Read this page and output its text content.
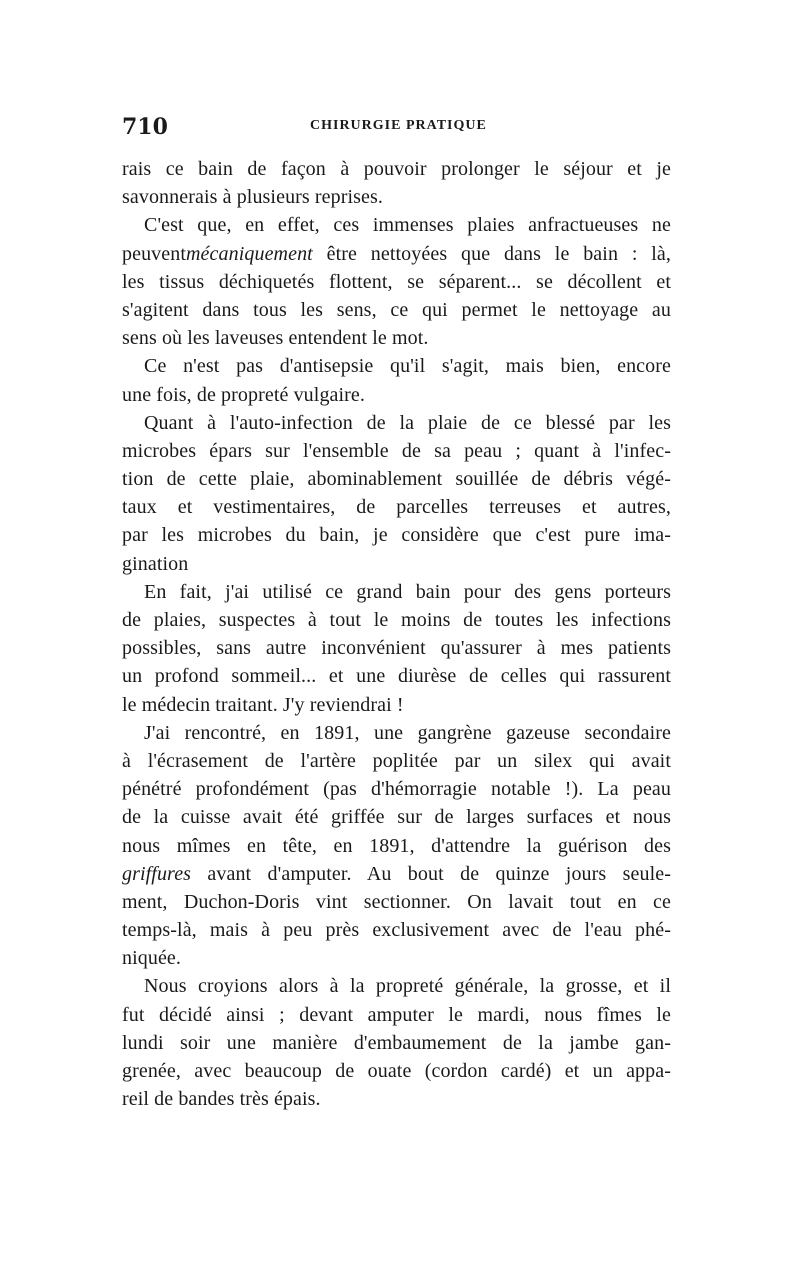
710	CHIRURGIE PRATIQUE
rais ce bain de façon à pouvoir prolonger le séjour et je
savonnerais à plusieurs reprises.
C'est que, en effet, ces immenses plaies anfractueuses ne
peuventmécaniquement être nettoyées que dans le bain : là,
les tissus déchiquetés flottent, se séparent... se décollent et
s'agitent dans tous les sens, ce qui permet le nettoyage au
sens où les laveuses entendent le mot.
Ce n'est pas d'antisepsie qu'il s'agit, mais bien, encore
une fois, de propreté vulgaire.
Quant à l'auto-infection de la plaie de ce blessé par les
microbes épars sur l'ensemble de sa peau ; quant à l'infec-
tion de cette plaie, abominablement souillée de débris végé-
taux et vestimentaires, de parcelles terreuses et autres,
par les microbes du bain, je considère que c'est pure ima-
gination
En fait, j'ai utilisé ce grand bain pour des gens porteurs
de plaies, suspectes à tout le moins de toutes les infections
possibles, sans autre inconvénient qu'assurer à mes patients
un profond sommeil... et une diurèse de celles qui rassurent
le médecin traitant. J'y reviendrai !
J'ai rencontré, en 1891, une gangrène gazeuse secondaire
à l'écrasement de l'artère poplitée par un silex qui avait
pénétré profondément (pas d'hémorragie notable !). La peau
de la cuisse avait été griffée sur de larges surfaces et nous
nous mîmes en tête, en 1891, d'attendre la guérison des
griffures avant d'amputer. Au bout de quinze jours seule-
ment, Duchon-Doris vint sectionner. On lavait tout en ce
temps-là, mais à peu près exclusivement avec de l'eau phé-
niquée.
Nous croyions alors à la propreté générale, la grosse, et il
fut décidé ainsi ; devant amputer le mardi, nous fîmes le
lundi soir une manière d'embaumement de la jambe gan-
grenée, avec beaucoup de ouate (cordon cardé) et un appa-
reil de bandes très épais.
